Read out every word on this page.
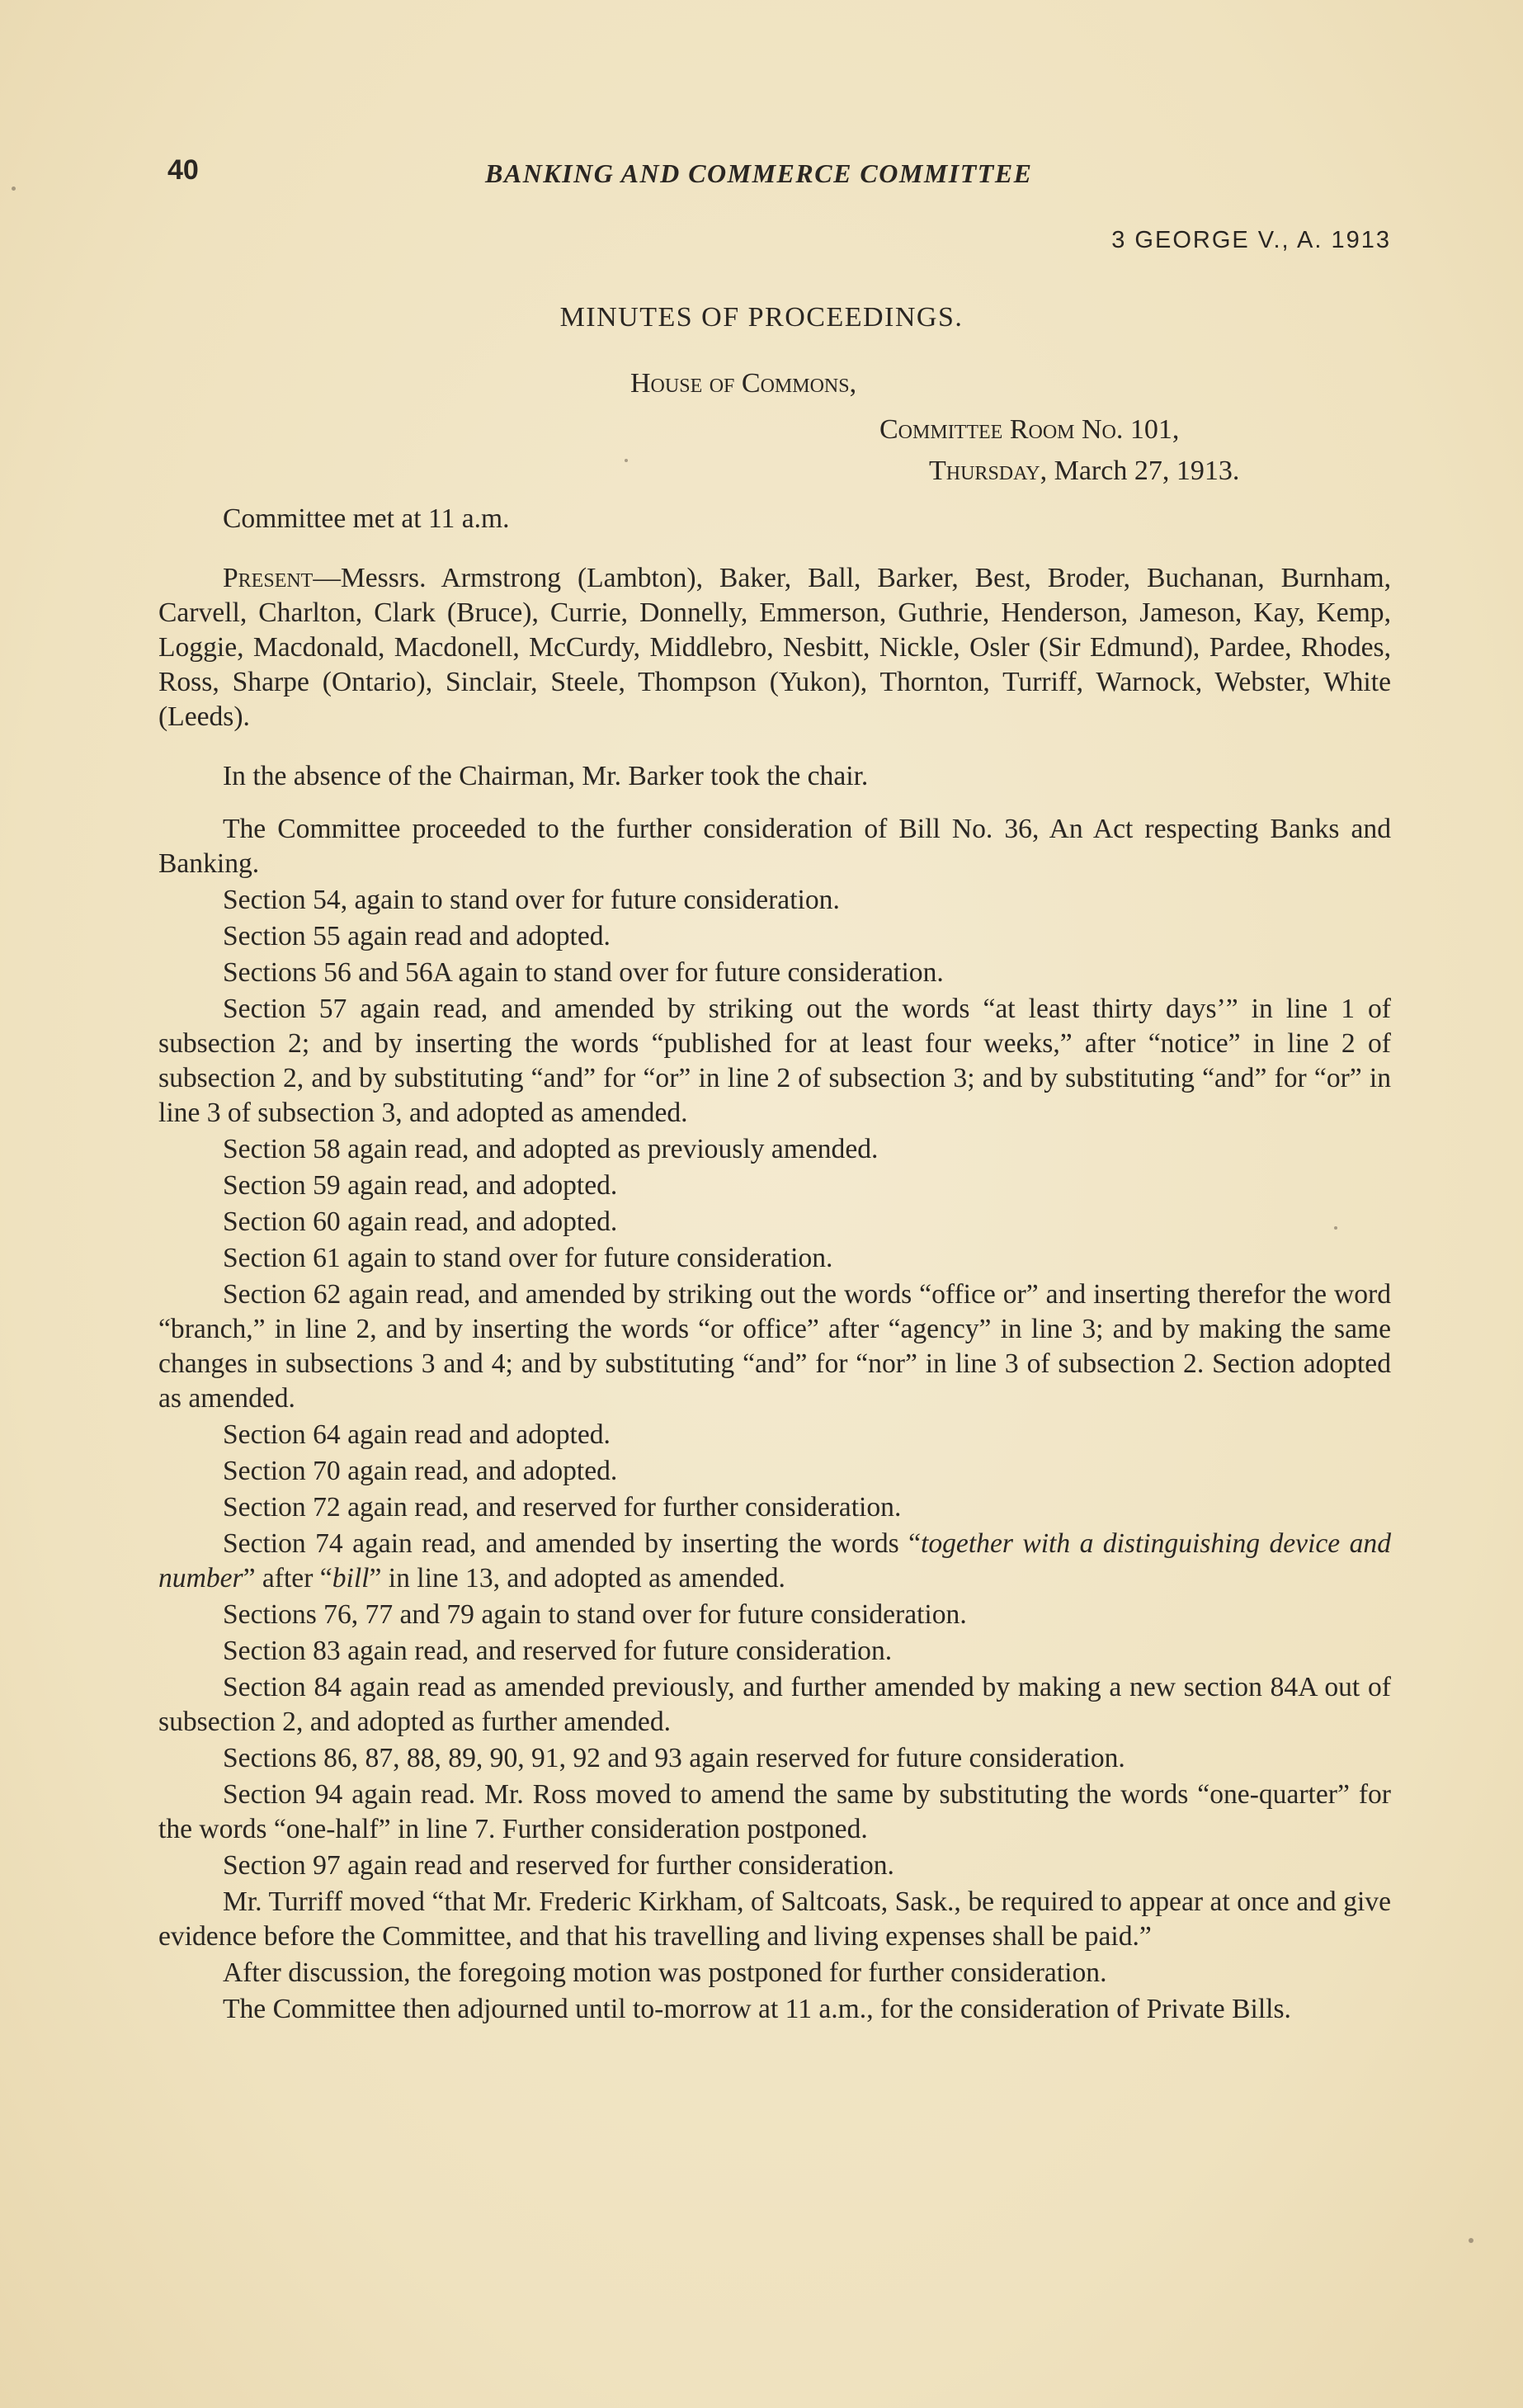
40	BANKING AND COMMERCE COMMITTEE
3 GEORGE V., A. 1913
MINUTES OF PROCEEDINGS.
House of Commons,
Committee Room No. 101,
Thursday, March 27, 1913.

Committee met at 11 a.m.

Present—Messrs. Armstrong (Lambton), Baker, Ball, Barker, Best, Broder, Buchanan, Burnham, Carvell, Charlton, Clark (Bruce), Currie, Donnelly, Emmerson, Guthrie, Henderson, Jameson, Kay, Kemp, Loggie, Macdonald, Macdonell, McCurdy, Middlebro, Nesbitt, Nickle, Osler (Sir Edmund), Pardee, Rhodes, Ross, Sharpe (Ontario), Sinclair, Steele, Thompson (Yukon), Thornton, Turriff, Warnock, Webster, White (Leeds).

In the absence of the Chairman, Mr. Barker took the chair.

The Committee proceeded to the further consideration of Bill No. 36, An Act respecting Banks and Banking.

Section 54, again to stand over for future consideration.

Section 55 again read and adopted.

Sections 56 and 56A again to stand over for future consideration.

Section 57 again read, and amended by striking out the words “at least thirty days’” in line 1 of subsection 2; and by inserting the words “published for at least four weeks,” after “notice” in line 2 of subsection 2, and by substituting “and” for “or” in line 2 of subsection 3; and by substituting “and” for “or” in line 3 of subsection 3, and adopted as amended.

Section 58 again read, and adopted as previously amended.

Section 59 again read, and adopted.

Section 60 again read, and adopted.

Section 61 again to stand over for future consideration.

Section 62 again read, and amended by striking out the words “office or” and inserting therefor the word “branch,” in line 2, and by inserting the words “or office” after “agency” in line 3; and by making the same changes in subsections 3 and 4; and by substituting “and” for “nor” in line 3 of subsection 2. Section adopted as amended.

Section 64 again read and adopted.

Section 70 again read, and adopted.

Section 72 again read, and reserved for further consideration.

Section 74 again read, and amended by inserting the words “together with a distinguishing device and number” after “bill” in line 13, and adopted as amended.

Sections 76, 77 and 79 again to stand over for future consideration.

Section 83 again read, and reserved for future consideration.

Section 84 again read as amended previously, and further amended by making a new section 84A out of subsection 2, and adopted as further amended.

Sections 86, 87, 88, 89, 90, 91, 92 and 93 again reserved for future consideration.

Section 94 again read. Mr. Ross moved to amend the same by substituting the words “one-quarter” for the words “one-half” in line 7. Further consideration postponed.

Section 97 again read and reserved for further consideration.

Mr. Turriff moved “that Mr. Frederic Kirkham, of Saltcoats, Sask., be required to appear at once and give evidence before the Committee, and that his travelling and living expenses shall be paid.”

After discussion, the foregoing motion was postponed for further consideration.

The Committee then adjourned until to-morrow at 11 a.m., for the consideration of Private Bills.
